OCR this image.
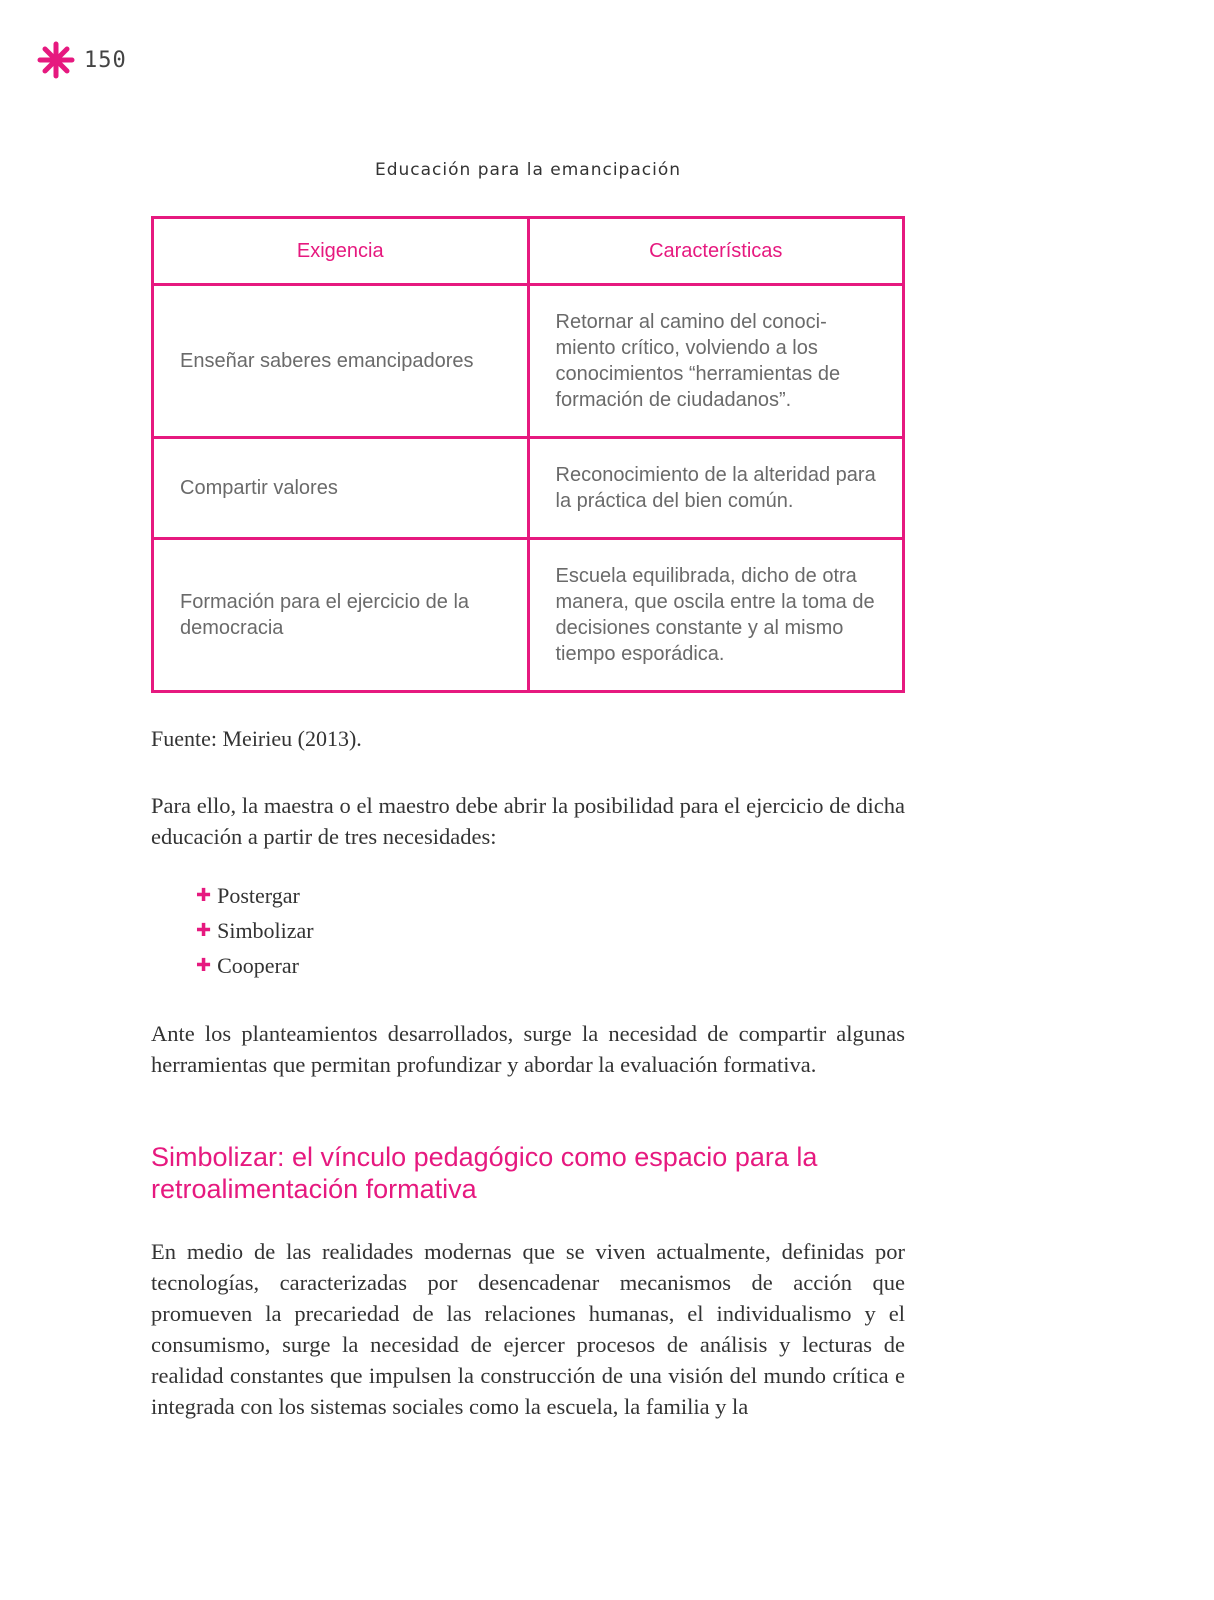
150
Educación para la emancipación
Exigencia	Características
Enseñar saberes emancipadores	Retornar al camino del conoci-miento crítico, volviendo a los conocimientos “herramientas de formación de ciudadanos”.
Compartir valores	Reconocimiento de la alteridad para la práctica del bien común.
Formación para el ejercicio de la democracia	Escuela equilibrada, dicho de otra manera, que oscila entre la toma de decisiones constante y al mismo tiempo esporádica.
Fuente: Meirieu (2013).

Para ello, la maestra o el maestro debe abrir la posibilidad para el ejercicio de dicha educación a partir de tres necesidades:

✚ Postergar
✚ Simbolizar
✚ Cooperar

Ante los planteamientos desarrollados, surge la necesidad de compartir algunas herramientas que permitan profundizar y abordar la evaluación formativa.

Simbolizar: el vínculo pedagógico como espacio para la retroalimentación formativa

En medio de las realidades modernas que se viven actualmente, definidas por tecnologías, caracterizadas por desencadenar mecanismos de acción que promueven la precariedad de las relaciones humanas, el individualismo y el consumismo, surge la necesidad de ejercer procesos de análisis y lecturas de realidad constantes que impulsen la construcción de una visión del mundo crítica e integrada con los sistemas sociales como la escuela, la familia y la
